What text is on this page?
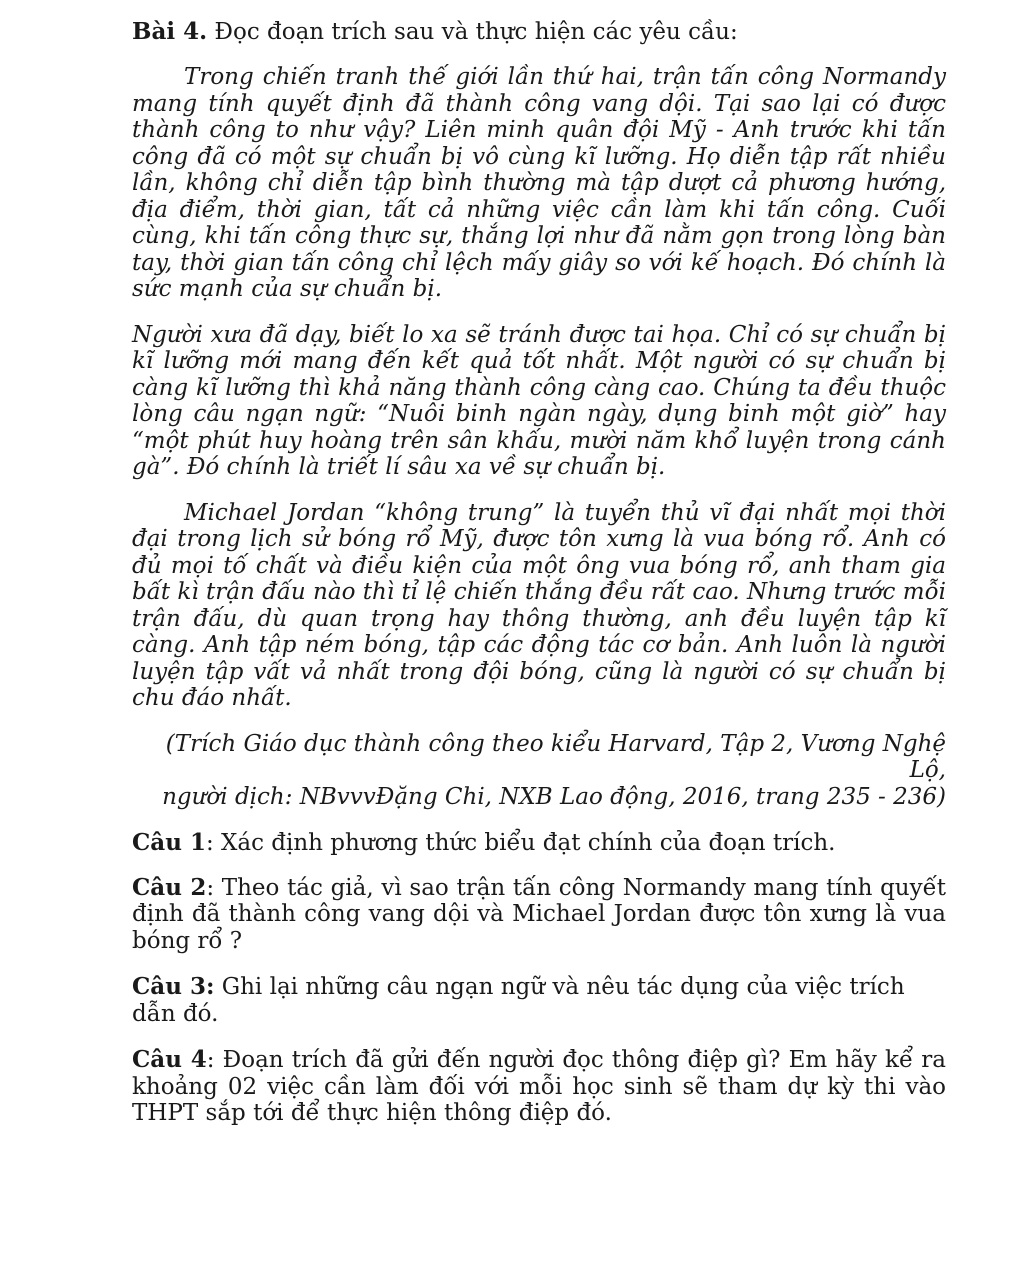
Bài 4. Đọc đoạn trích sau và thực hiện các yêu cầu:

Trong chiến tranh thế giới lần thứ hai, trận tấn công Normandy mang tính quyết định đã thành công vang dội. Tại sao lại có được thành công to như vậy? Liên minh quân đội Mỹ - Anh trước khi tấn công đã có một sự chuẩn bị vô cùng kĩ lưỡng. Họ diễn tập rất nhiều lần, không chỉ diễn tập bình thường mà tập dượt cả phương hướng, địa điểm, thời gian, tất cả những việc cần làm khi tấn công. Cuối cùng, khi tấn công thực sự, thắng lợi như đã nằm gọn trong lòng bàn tay, thời gian tấn công chỉ lệch mấy giây so với kế hoạch. Đó chính là sức mạnh của sự chuẩn bị.

Người xưa đã dạy, biết lo xa sẽ tránh được tai họa. Chỉ có sự chuẩn bị kĩ lưỡng mới mang đến kết quả tốt nhất. Một người có sự chuẩn bị càng kĩ lưỡng thì khả năng thành công càng cao. Chúng ta đều thuộc lòng câu ngạn ngữ: “Nuôi binh ngàn ngày, dụng binh một giờ” hay “một phút huy hoàng trên sân khấu, mười năm khổ luyện trong cánh gà”. Đó chính là triết lí sâu xa về sự chuẩn bị.

Michael Jordan “không trung” là tuyển thủ vĩ đại nhất mọi thời đại trong lịch sử bóng rổ Mỹ, được tôn xưng là vua bóng rổ. Anh có đủ mọi tố chất và điều kiện của một ông vua bóng rổ, anh tham gia bất kì trận đấu nào thì tỉ lệ chiến thắng đều rất cao. Nhưng trước mỗi trận đấu, dù quan trọng hay thông thường, anh đều luyện tập kĩ càng. Anh tập ném bóng, tập các động tác cơ bản. Anh luôn là người luyện tập vất vả nhất trong đội bóng, cũng là người có sự chuẩn bị chu đáo nhất.

(Trích Giáo dục thành công theo kiểu Harvard, Tập 2, Vương Nghệ Lộ,
người dịch: NBvvvĐặng Chi, NXB Lao động, 2016, trang 235 - 236)

Câu 1: Xác định phương thức biểu đạt chính của đoạn trích.

Câu 2: Theo tác giả, vì sao trận tấn công Normandy mang tính quyết định đã thành công vang dội và Michael Jordan được tôn xưng là vua bóng rổ ?

Câu 3: Ghi lại những câu ngạn ngữ và nêu tác dụng của việc trích dẫn đó.

Câu 4: Đoạn trích đã gửi đến người đọc thông điệp gì? Em hãy kể ra khoảng 02 việc cần làm đối với mỗi học sinh sẽ tham dự kỳ thi vào THPT sắp tới để thực hiện thông điệp đó.
